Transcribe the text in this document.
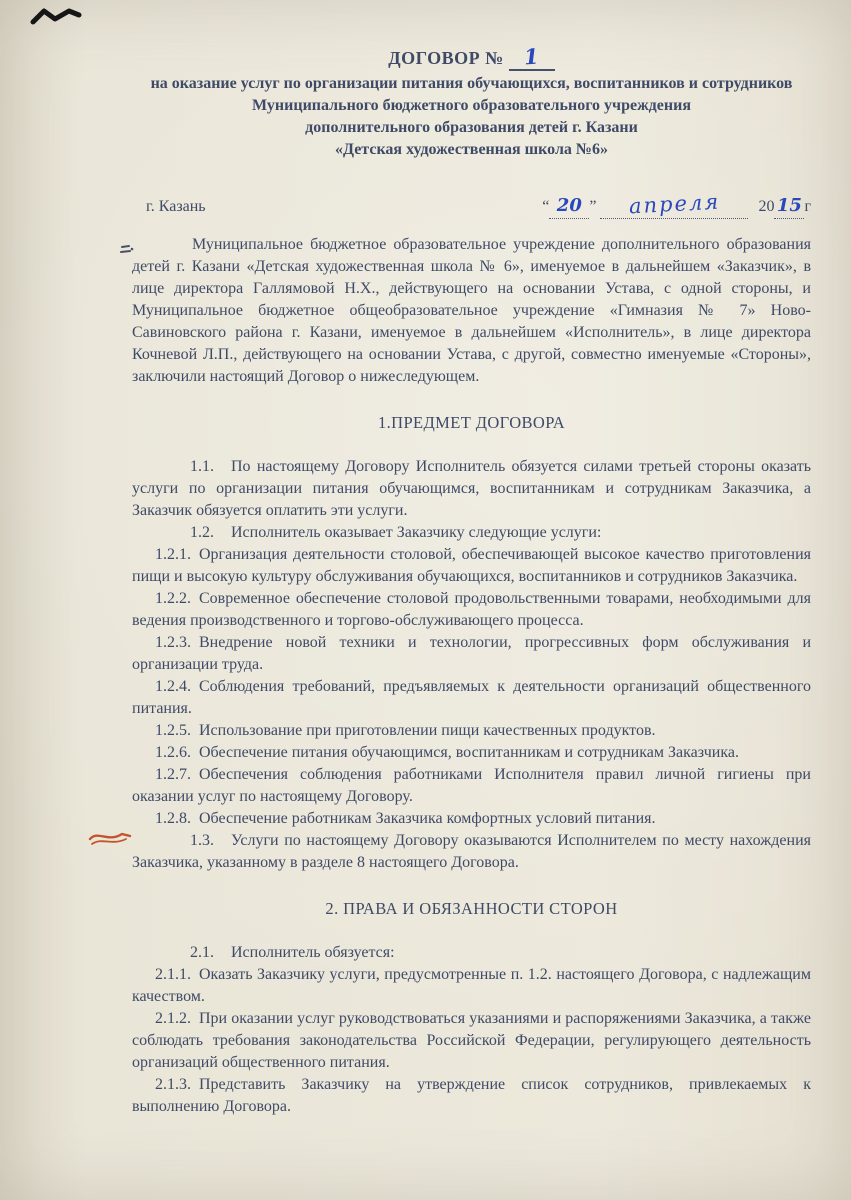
ДОГОВОР № 1
на оказание услуг по организации питания обучающихся, воспитанников и сотрудников
Муниципального бюджетного образовательного учреждения
дополнительного образования детей г. Казани
«Детская художественная школа №6»
г. Казань	“ 20 ” апреля 20 15 г

Муниципальное бюджетное образовательное учреждение дополнительного образования детей г. Казани «Детская художественная школа № 6», именуемое в дальнейшем «Заказчик», в лице директора Галлямовой Н.Х., действующего на основании Устава, с одной стороны, и Муниципальное бюджетное общеобразовательное учреждение «Гимназия № 7» Ново-Савиновского района г. Казани, именуемое в дальнейшем «Исполнитель», в лице директора Кочневой Л.П., действующего на основании Устава, с другой, совместно именуемые «Стороны», заключили настоящий Договор о нижеследующем.

1.ПРЕДМЕТ ДОГОВОРА

1.1. По настоящему Договору Исполнитель обязуется силами третьей стороны оказать услуги по организации питания обучающимся, воспитанникам и сотрудникам Заказчика, а Заказчик обязуется оплатить эти услуги.

1.2. Исполнитель оказывает Заказчику следующие услуги:

1.2.1. Организация деятельности столовой, обеспечивающей высокое качество приготовления пищи и высокую культуру обслуживания обучающихся, воспитанников и сотрудников Заказчика.

1.2.2. Современное обеспечение столовой продовольственными товарами, необходимыми для ведения производственного и торгово-обслуживающего процесса.

1.2.3. Внедрение новой техники и технологии, прогрессивных форм обслуживания и организации труда.

1.2.4. Соблюдения требований, предъявляемых к деятельности организаций общественного питания.

1.2.5. Использование при приготовлении пищи качественных продуктов.

1.2.6. Обеспечение питания обучающимся, воспитанникам и сотрудникам Заказчика.

1.2.7. Обеспечения соблюдения работниками Исполнителя правил личной гигиены при оказании услуг по настоящему Договору.

1.2.8. Обеспечение работникам Заказчика комфортных условий питания.

1.3. Услуги по настоящему Договору оказываются Исполнителем по месту нахождения Заказчика, указанному в разделе 8 настоящего Договора.

2. ПРАВА И ОБЯЗАННОСТИ СТОРОН

2.1. Исполнитель обязуется:

2.1.1. Оказать Заказчику услуги, предусмотренные п. 1.2. настоящего Договора, с надлежащим качеством.

2.1.2. При оказании услуг руководствоваться указаниями и распоряжениями Заказчика, а также соблюдать требования законодательства Российской Федерации, регулирующего деятельность организаций общественного питания.

2.1.3. Представить Заказчику на утверждение список сотрудников, привлекаемых к выполнению Договора.
